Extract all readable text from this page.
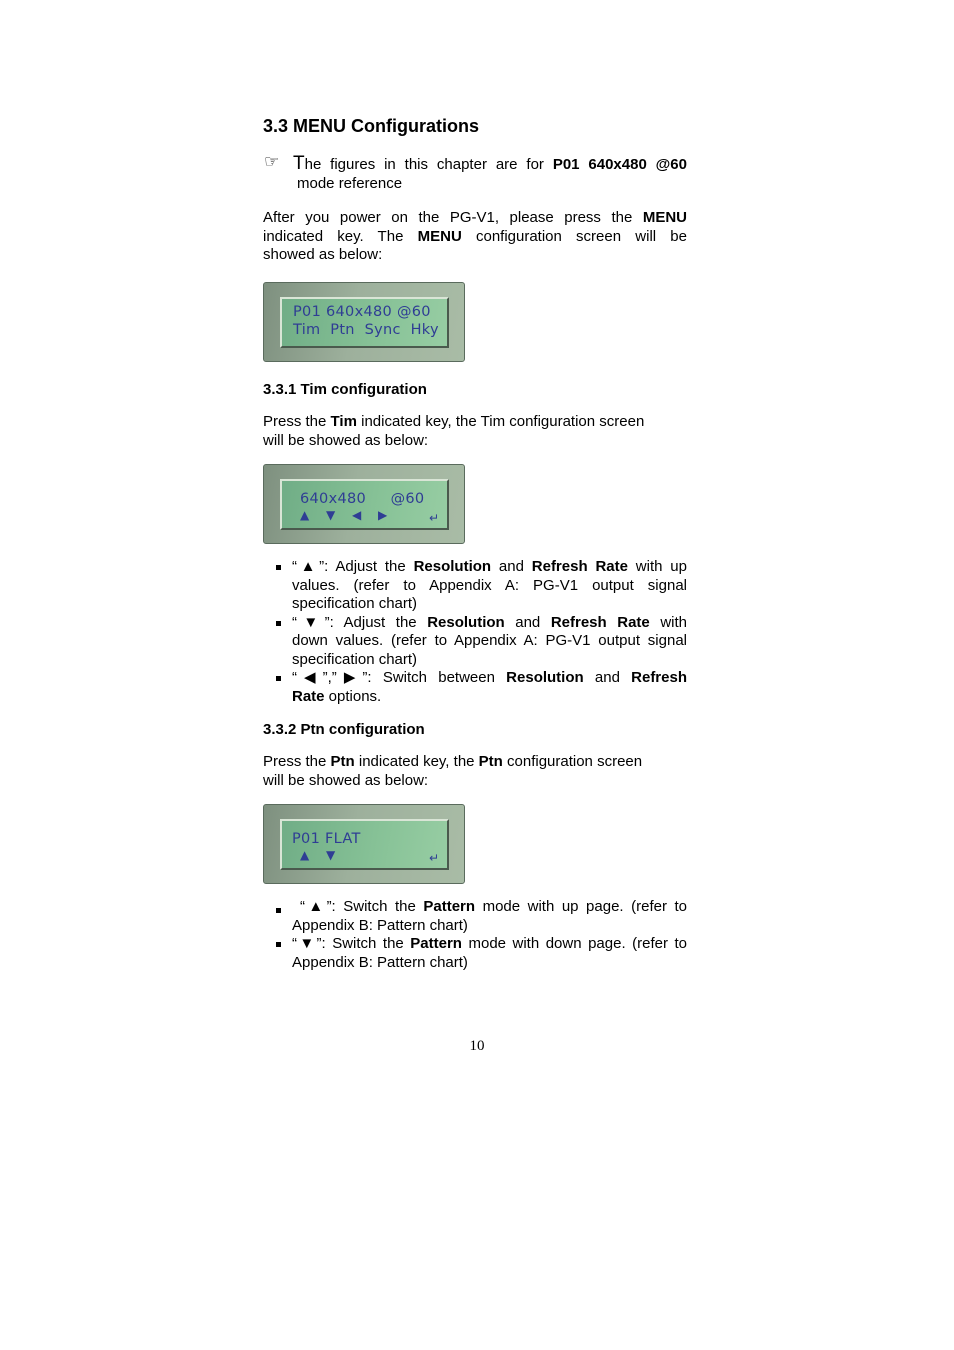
3.3 MENU Configurations
☞ The figures in this chapter are for P01 640x480 @60
mode reference
After you power on the PG-V1, please press the MENU
indicated key. The MENU configuration screen will be
showed as below:
P01 640x480 @60
Tim  Ptn  Sync  Hky
3.3.1 Tim configuration
Press the Tim indicated key, the Tim configuration screen
will be showed as below:
640x480     @60
▲    ▼    ◀    ▶	↵
“▲”: Adjust the Resolution and Refresh Rate with up
values. (refer to Appendix A: PG-V1 output signal
specification chart)
“▼”: Adjust the Resolution and Refresh Rate with
down values. (refer to Appendix A: PG-V1 output signal
specification chart)
“◀”,”▶”: Switch between Resolution and Refresh
Rate options.
3.3.2 Ptn configuration
Press the Ptn indicated key, the Ptn configuration screen
will be showed as below:
P01 FLAT
▲    ▼	↵
“▲”: Switch the Pattern mode with up page. (refer to
Appendix B: Pattern chart)
“▼”: Switch the Pattern mode with down page. (refer to
Appendix B: Pattern chart)
10
